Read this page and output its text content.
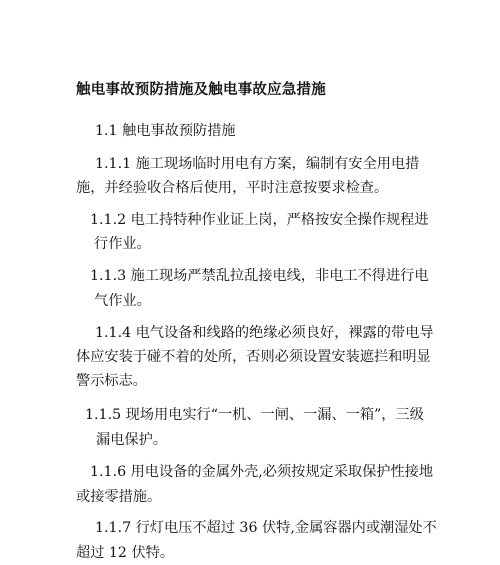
触电事故预防措施及触电事故应急措施
1.1 触电事故预防措施
1.1.1 施工现场临时用电有方案，编制有安全用电措
施，并经验收合格后使用，平时注意按要求检查。
1.1.2 电工持特种作业证上岗，严格按安全操作规程进
行作业。
1.1.3 施工现场严禁乱拉乱接电线，非电工不得进行电
气作业。
1.1.4 电气设备和线路的绝缘必须良好，裸露的带电导
体应安装于碰不着的处所，否则必须设置安装遮拦和明显
警示标志。
1.1.5 现场用电实行“一机、一闸、一漏、一箱”，三级
漏电保护。
1.1.6 用电设备的金属外壳,必须按规定采取保护性接地
或接零措施。
1.1.7 行灯电压不超过 36 伏特,金属容器内或潮湿处不
超过 12 伏特。
